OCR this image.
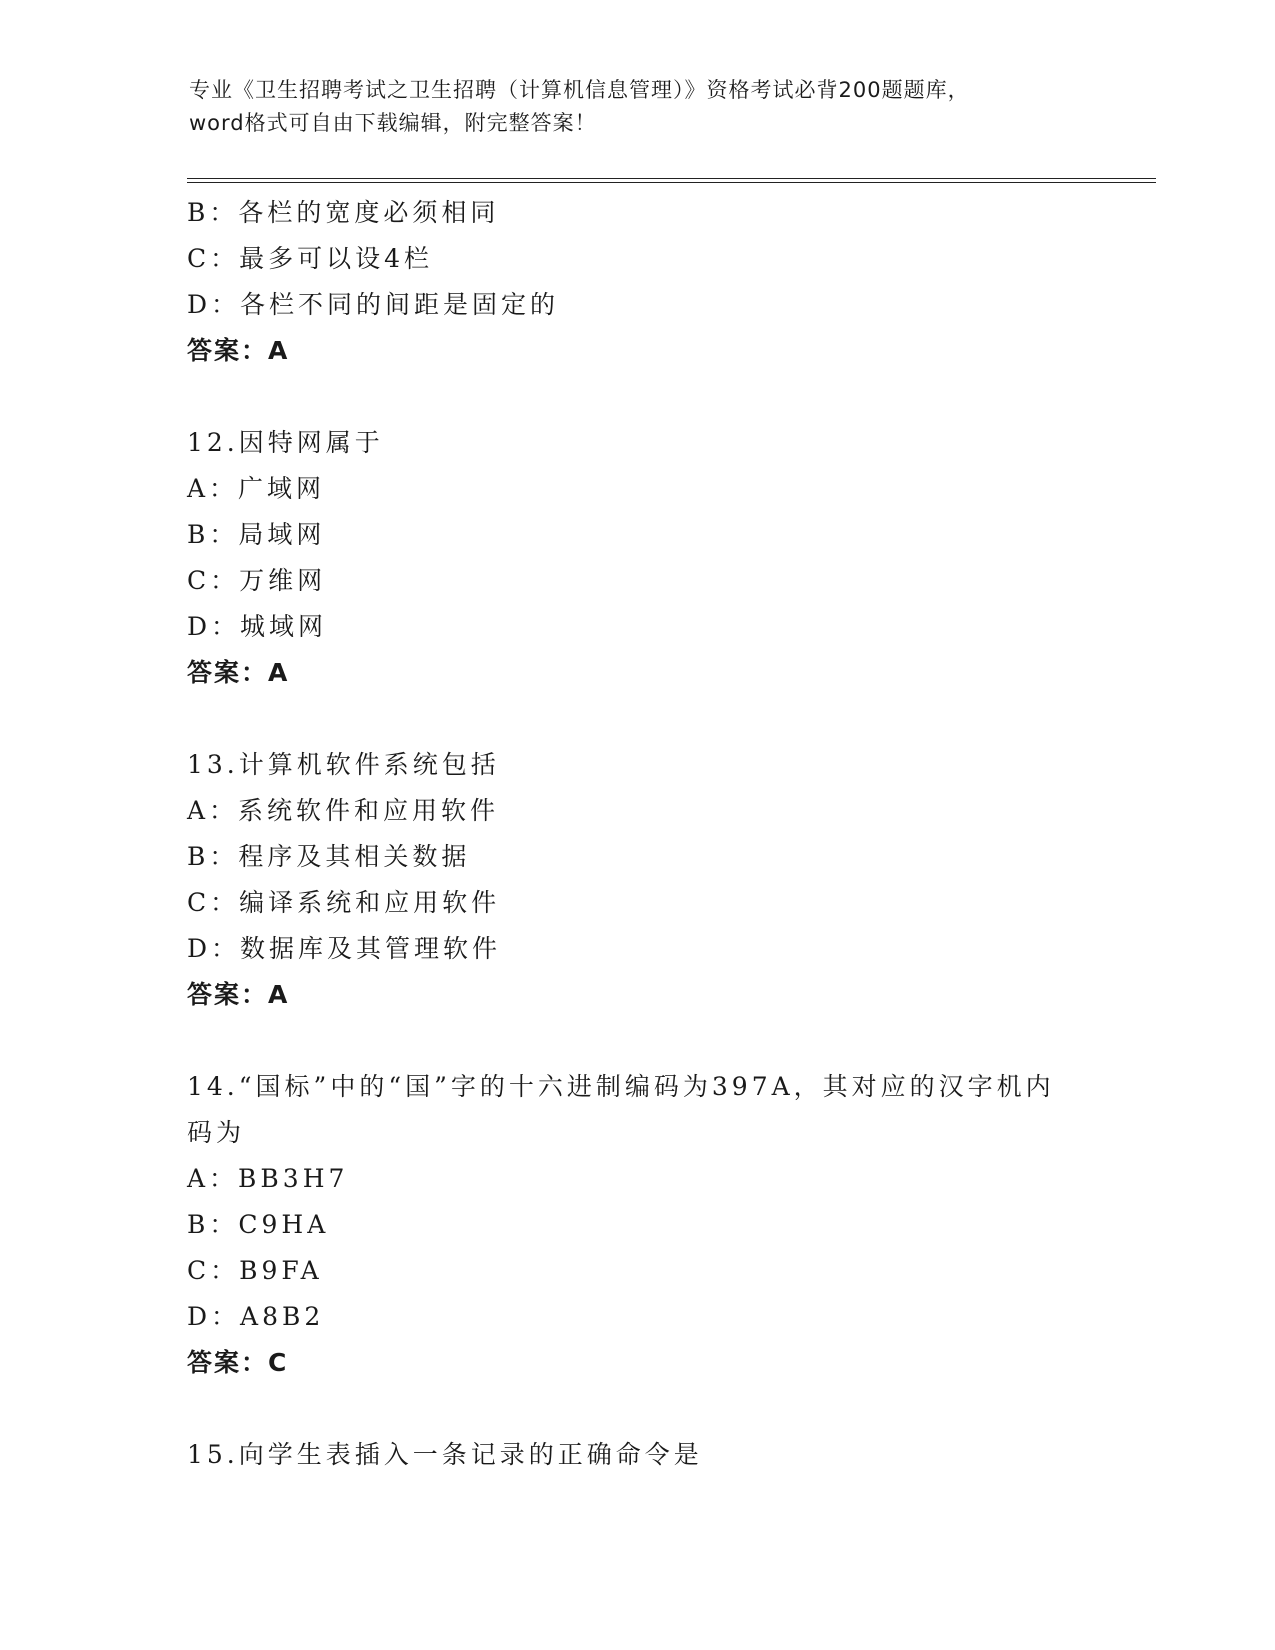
专业《卫生招聘考试之卫生招聘（计算机信息管理）》资格考试必背200题题库，
word格式可自由下载编辑，附完整答案！
B：各栏的宽度必须相同
C：最多可以设4栏
D：各栏不同的间距是固定的
答案：A
12.因特网属于
A：广域网
B：局域网
C：万维网
D：城域网
答案：A
13.计算机软件系统包括
A：系统软件和应用软件
B：程序及其相关数据
C：编译系统和应用软件
D：数据库及其管理软件
答案：A
14.“国标”中的“国”字的十六进制编码为397A，其对应的汉字机内
码为
A：BB3H7
B：C9HA
C：B9FA
D：A8B2
答案：C
15.向学生表插入一条记录的正确命令是
